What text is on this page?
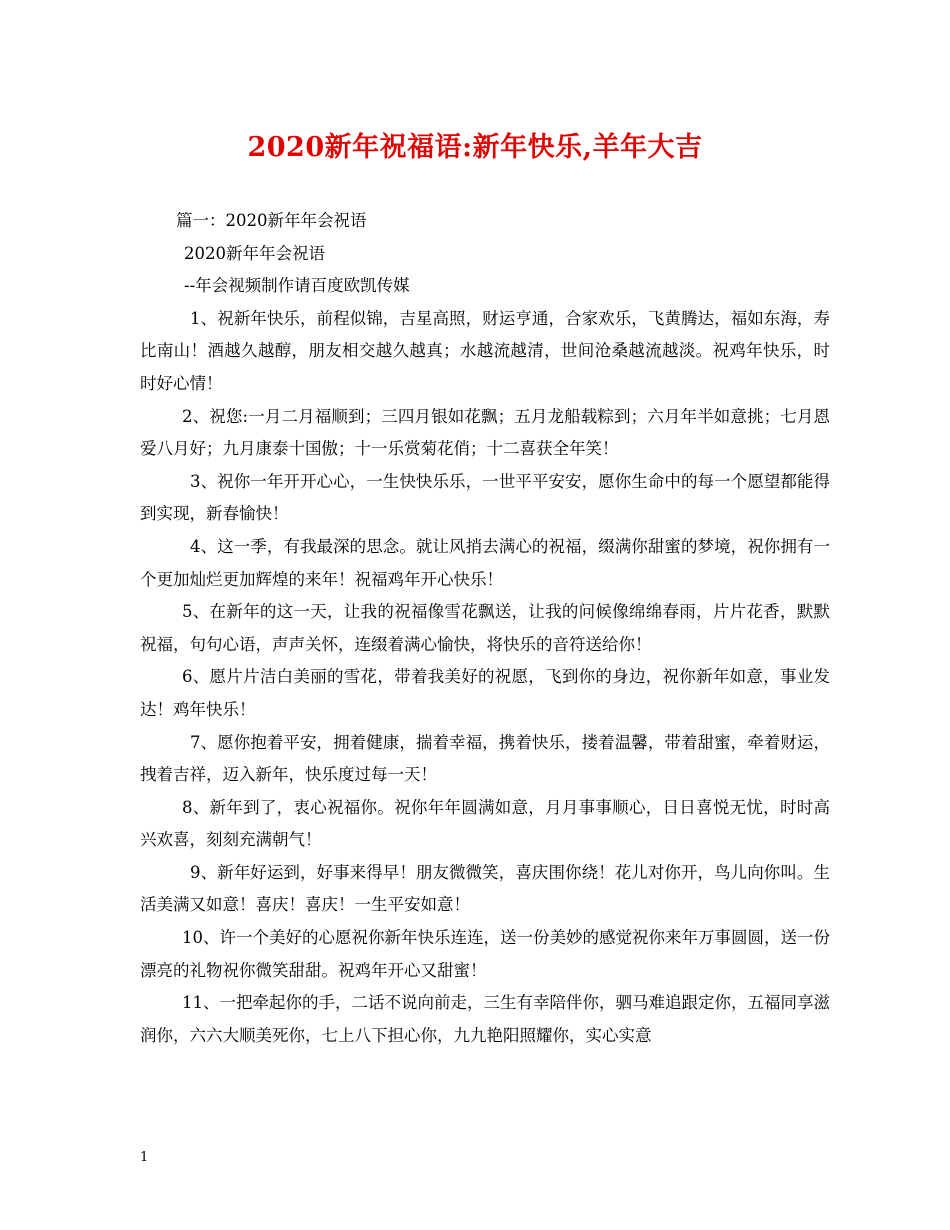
2020新年祝福语:新年快乐,羊年大吉

篇一：2020新年年会祝语

2020新年年会祝语

--年会视频制作请百度欧凯传媒

1、祝新年快乐，前程似锦，吉星高照，财运亨通，合家欢乐，飞黄腾达，福如东海，寿比南山！酒越久越醇，朋友相交越久越真；水越流越清，世间沧桑越流越淡。祝鸡年快乐，时时好心情！

2、祝您:一月二月福顺到；三四月银如花飘；五月龙船载粽到；六月年半如意挑；七月恩爱八月好；九月康泰十国傲；十一乐赏菊花俏；十二喜获全年笑！

3、祝你一年开开心心，一生快快乐乐，一世平平安安，愿你生命中的每一个愿望都能得到实现，新春愉快！

4、这一季，有我最深的思念。就让风捎去满心的祝福，缀满你甜蜜的梦境，祝你拥有一个更加灿烂更加辉煌的来年！祝福鸡年开心快乐！

5、在新年的这一天，让我的祝福像雪花飘送，让我的问候像绵绵春雨，片片花香，默默祝福，句句心语，声声关怀，连缀着满心愉快，将快乐的音符送给你！

6、愿片片洁白美丽的雪花，带着我美好的祝愿，飞到你的身边，祝你新年如意，事业发达！鸡年快乐！

7、愿你抱着平安，拥着健康，揣着幸福，携着快乐，搂着温馨，带着甜蜜，牵着财运，拽着吉祥，迈入新年，快乐度过每一天！

8、新年到了，衷心祝福你。祝你年年圆满如意，月月事事顺心，日日喜悦无忧，时时高兴欢喜，刻刻充满朝气！

9、新年好运到，好事来得早！朋友微微笑，喜庆围你绕！花儿对你开，鸟儿向你叫。生活美满又如意！喜庆！喜庆！一生平安如意！

10、许一个美好的心愿祝你新年快乐连连，送一份美妙的感觉祝你来年万事圆圆，送一份漂亮的礼物祝你微笑甜甜。祝鸡年开心又甜蜜！

11、一把牵起你的手，二话不说向前走，三生有幸陪伴你，驷马难追跟定你，五福同享滋润你，六六大顺美死你，七上八下担心你，九九艳阳照耀你，实心实意

1
